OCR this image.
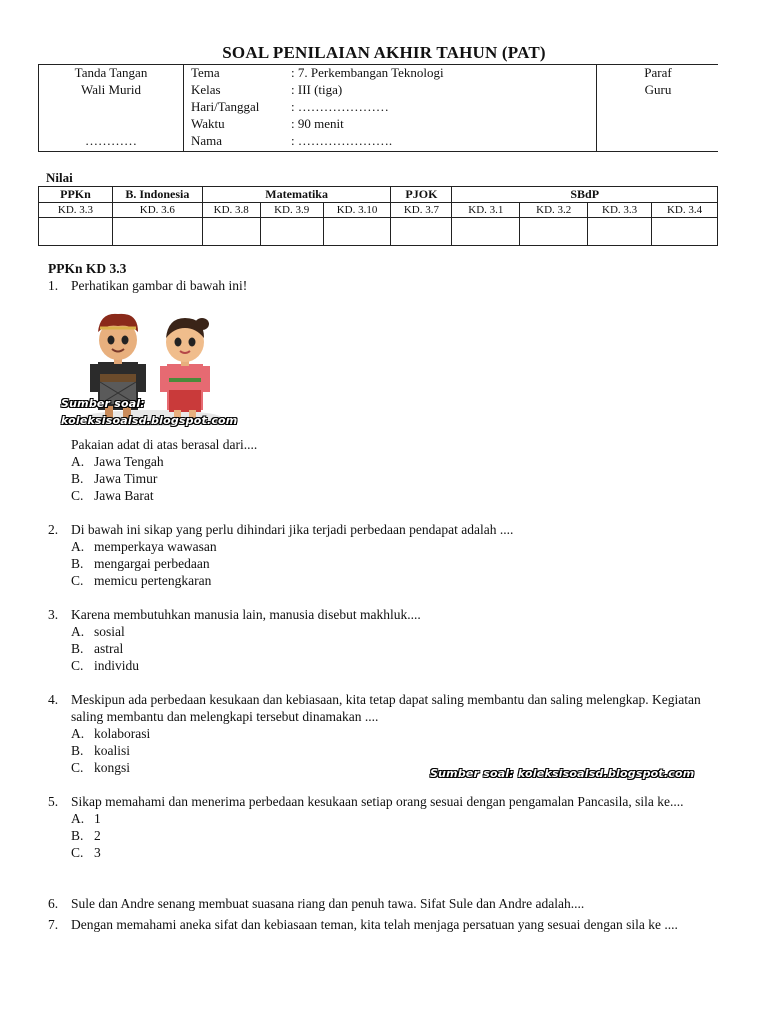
SOAL PENILAIAN AKHIR TAHUN (PAT)
Tanda Tangan
Wali Murid
…………
Tema	: 7. Perkembangan Teknologi
Kelas	: III (tiga)
Hari/Tanggal	: …………………
Waktu	: 90 menit
Nama	: ………………….
Paraf
Guru
Nilai
PPKn	B. Indonesia	Matematika			PJOK	SBdP			
KD. 3.3	KD. 3.6	KD. 3.8	KD. 3.9	KD. 3.10	KD. 3.7	KD. 3.1	KD. 3.2	KD. 3.3	KD. 3.4

PPKn KD 3.3
1. Perhatikan gambar di bawah ini!
Sumber soal: koleksisoalsd.blogspot.com
Pakaian adat di atas berasal dari....
A. Jawa Tengah
B. Jawa Timur
C. Jawa Barat
2. Di bawah ini sikap yang perlu dihindari jika terjadi perbedaan pendapat adalah ....
A. memperkaya wawasan
B. mengargai perbedaan
C. memicu pertengkaran
3. Karena membutuhkan manusia lain, manusia disebut makhluk....
A. sosial
B. astral
C. individu
4. Meskipun ada perbedaan kesukaan dan kebiasaan, kita tetap dapat saling membantu dan saling melengkap. Kegiatan saling membantu dan melengkapi tersebut dinamakan ....
A. kolaborasi
B. koalisi
C. kongsi
5. Sikap memahami dan menerima perbedaan kesukaan setiap orang sesuai dengan pengamalan Pancasila, sila ke....
A. 1
B. 2
C. 3
6. Sule dan Andre senang membuat suasana riang dan penuh tawa. Sifat Sule dan Andre adalah....
7. Dengan memahami aneka sifat dan kebiasaan teman, kita telah menjaga persatuan yang sesuai dengan sila ke ....
Sumber soal: koleksisoalsd.blogspot.com
